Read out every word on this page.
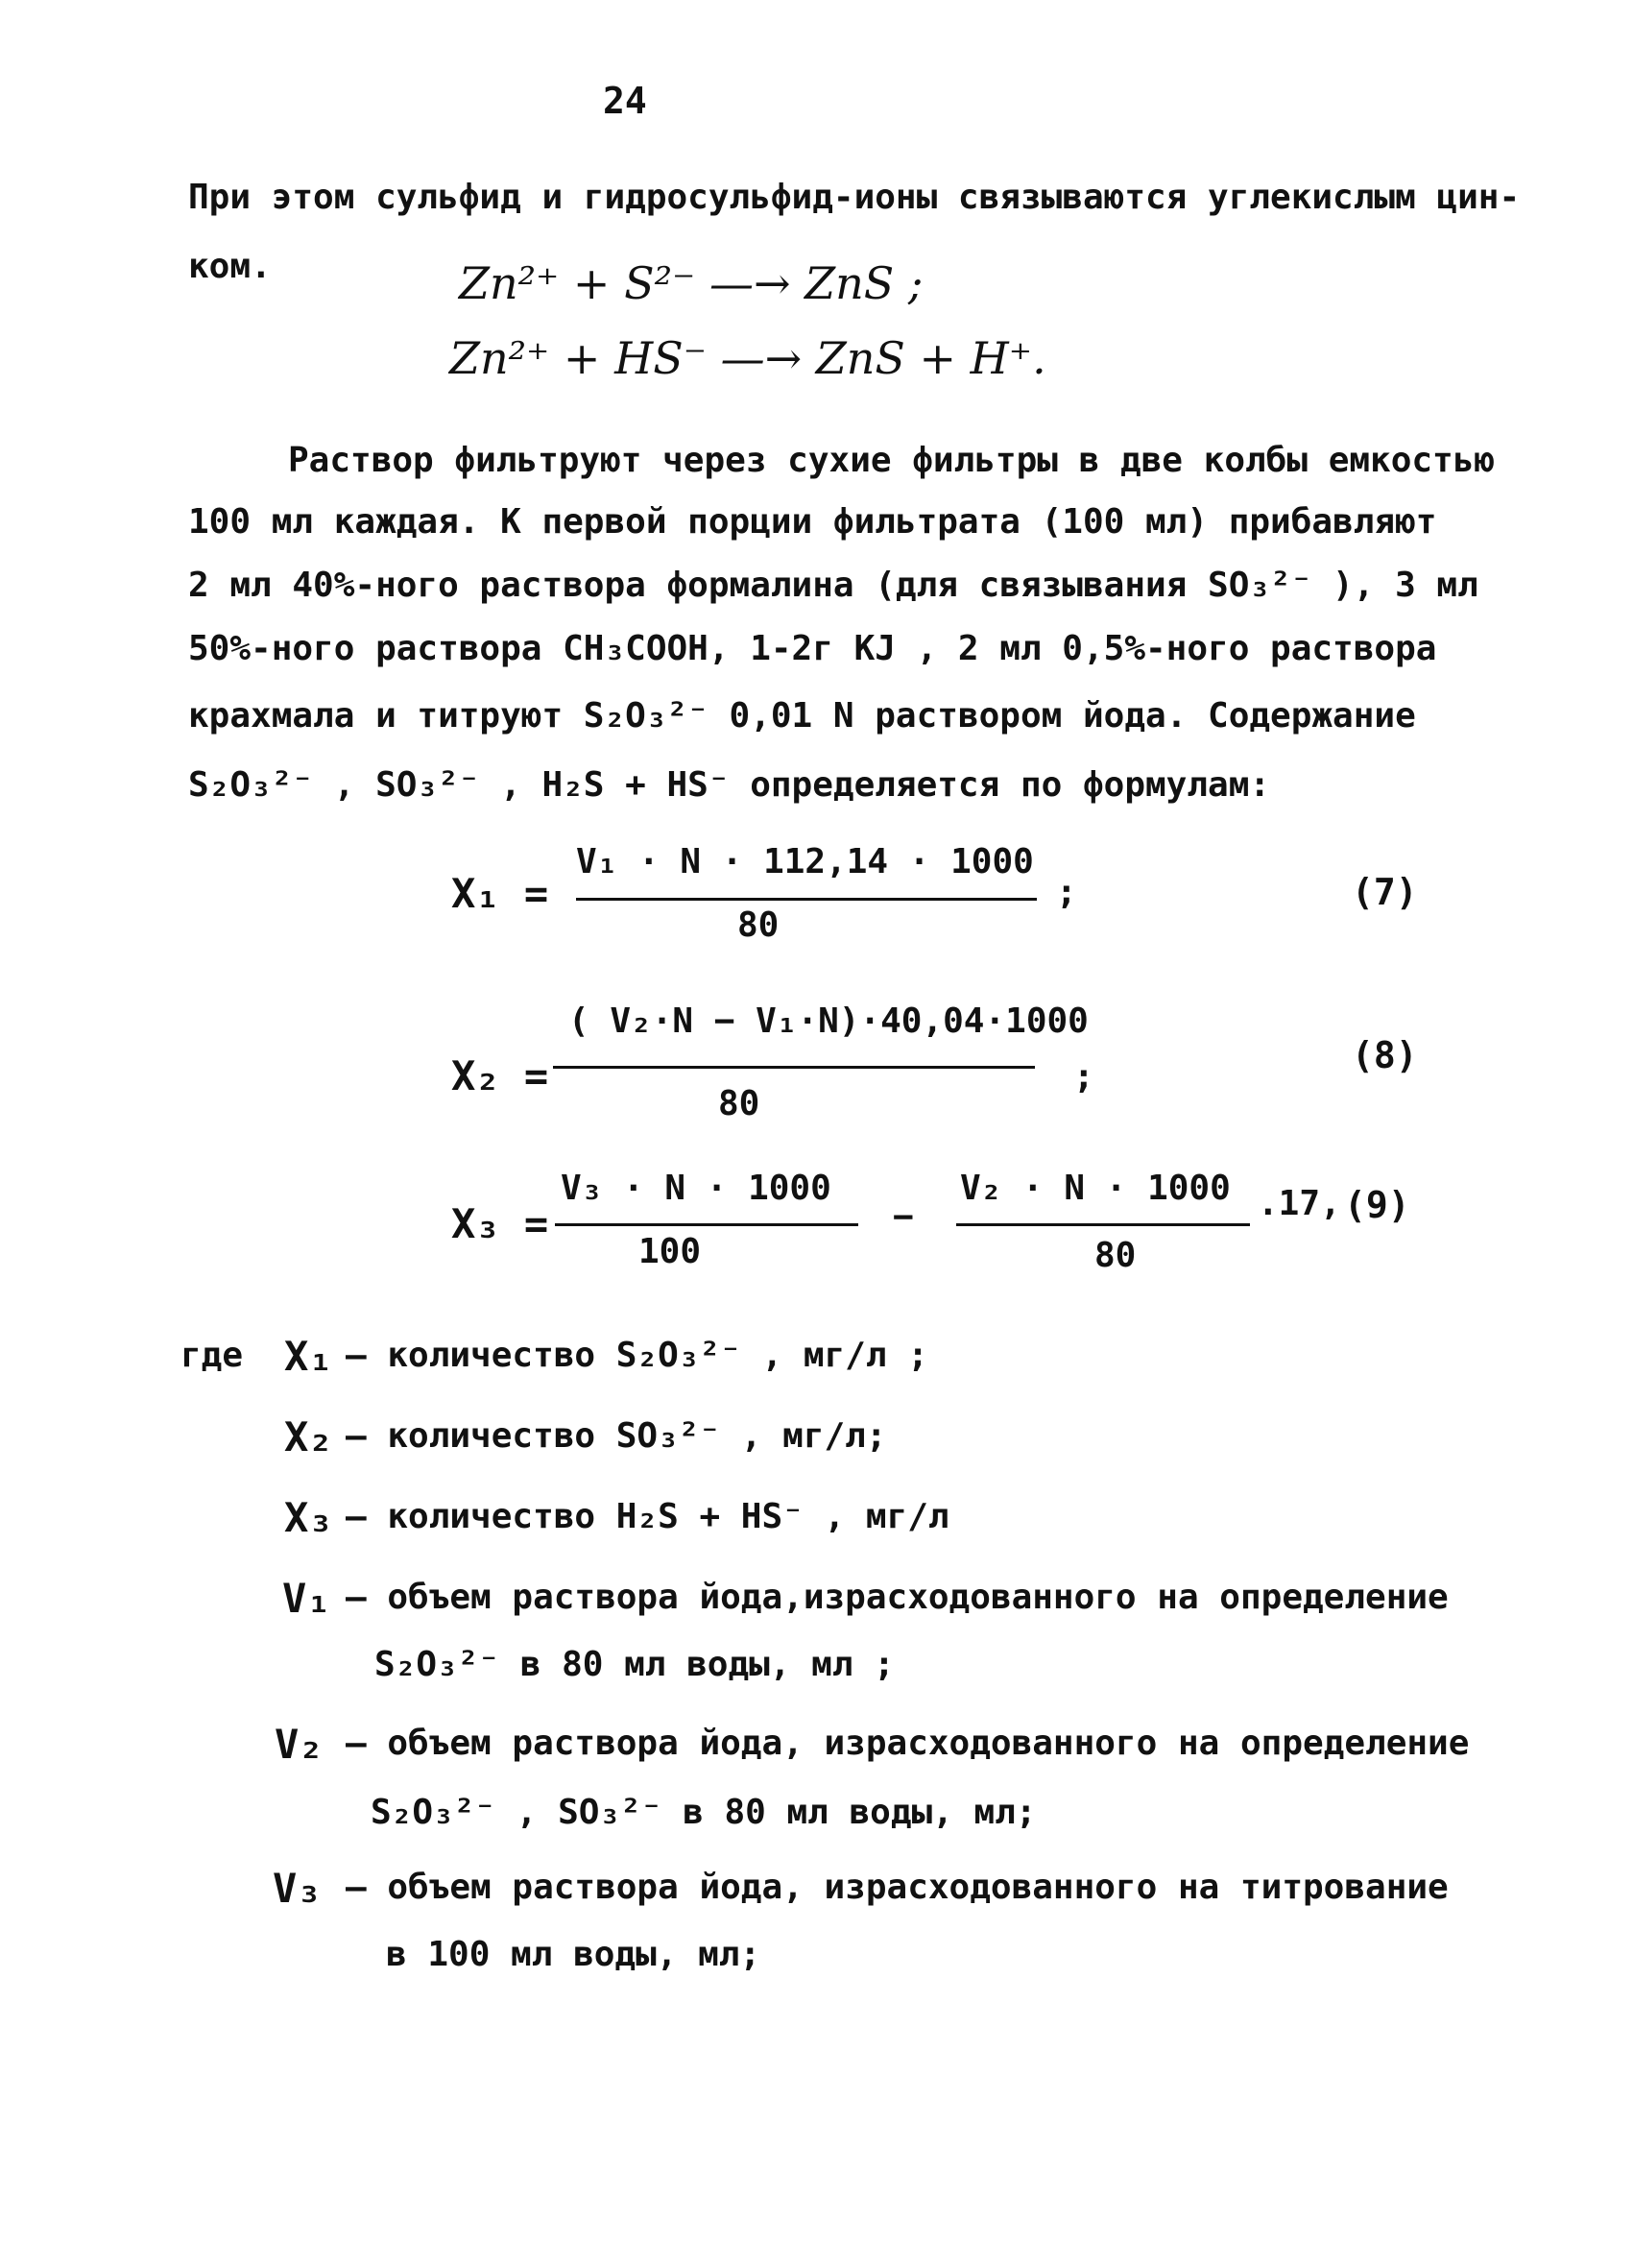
24
При этом сульфид и гидросульфид-ионы связываются углекислым цин-
ком.	Zn²⁺ + S²⁻ —→ ZnS ;
Zn²⁺ + HS⁻ —→ ZnS + H⁺.
Раствор фильтруют через сухие фильтры в две колбы емкостью
100 мл каждая. К первой порции фильтрата (100 мл) прибавляют
2 мл 40%-ного раствора формалина (для связывания SO₃²⁻ ), 3 мл
50%-ного раствора CH₃COOH, 1-2г KJ , 2 мл 0,5%-ного раствора
крахмала и титруют S₂O₃²⁻ 0,01 N раствором йода. Содержание
S₂O₃²⁻ , SO₃²⁻ , H₂S + HS⁻ определяется по формулам:
X₁ =
V₁ · N · 112,14 · 1000
80
;	(7)
X₂ =
( V₂·N − V₁·N)·40,04·1000
80
;
(8)
X₃ =
V₃ · N · 1000
100
−
V₂ · N · 1000
80
.17, (9)
где X₁ – количество S₂O₃²⁻ , мг/л ;
X₂ – количество SO₃²⁻ , мг/л;
X₃ – количество H₂S + HS⁻ , мг/л
V₁ – объем раствора йода,израсходованного на определение
S₂O₃²⁻ в 80 мл воды, мл ;
V₂ – объем раствора йода, израсходованного на определение
S₂O₃²⁻ , SO₃²⁻ в 80 мл воды, мл;
V₃ – объем раствора йода, израсходованного на титрование
в 100 мл воды, мл;
